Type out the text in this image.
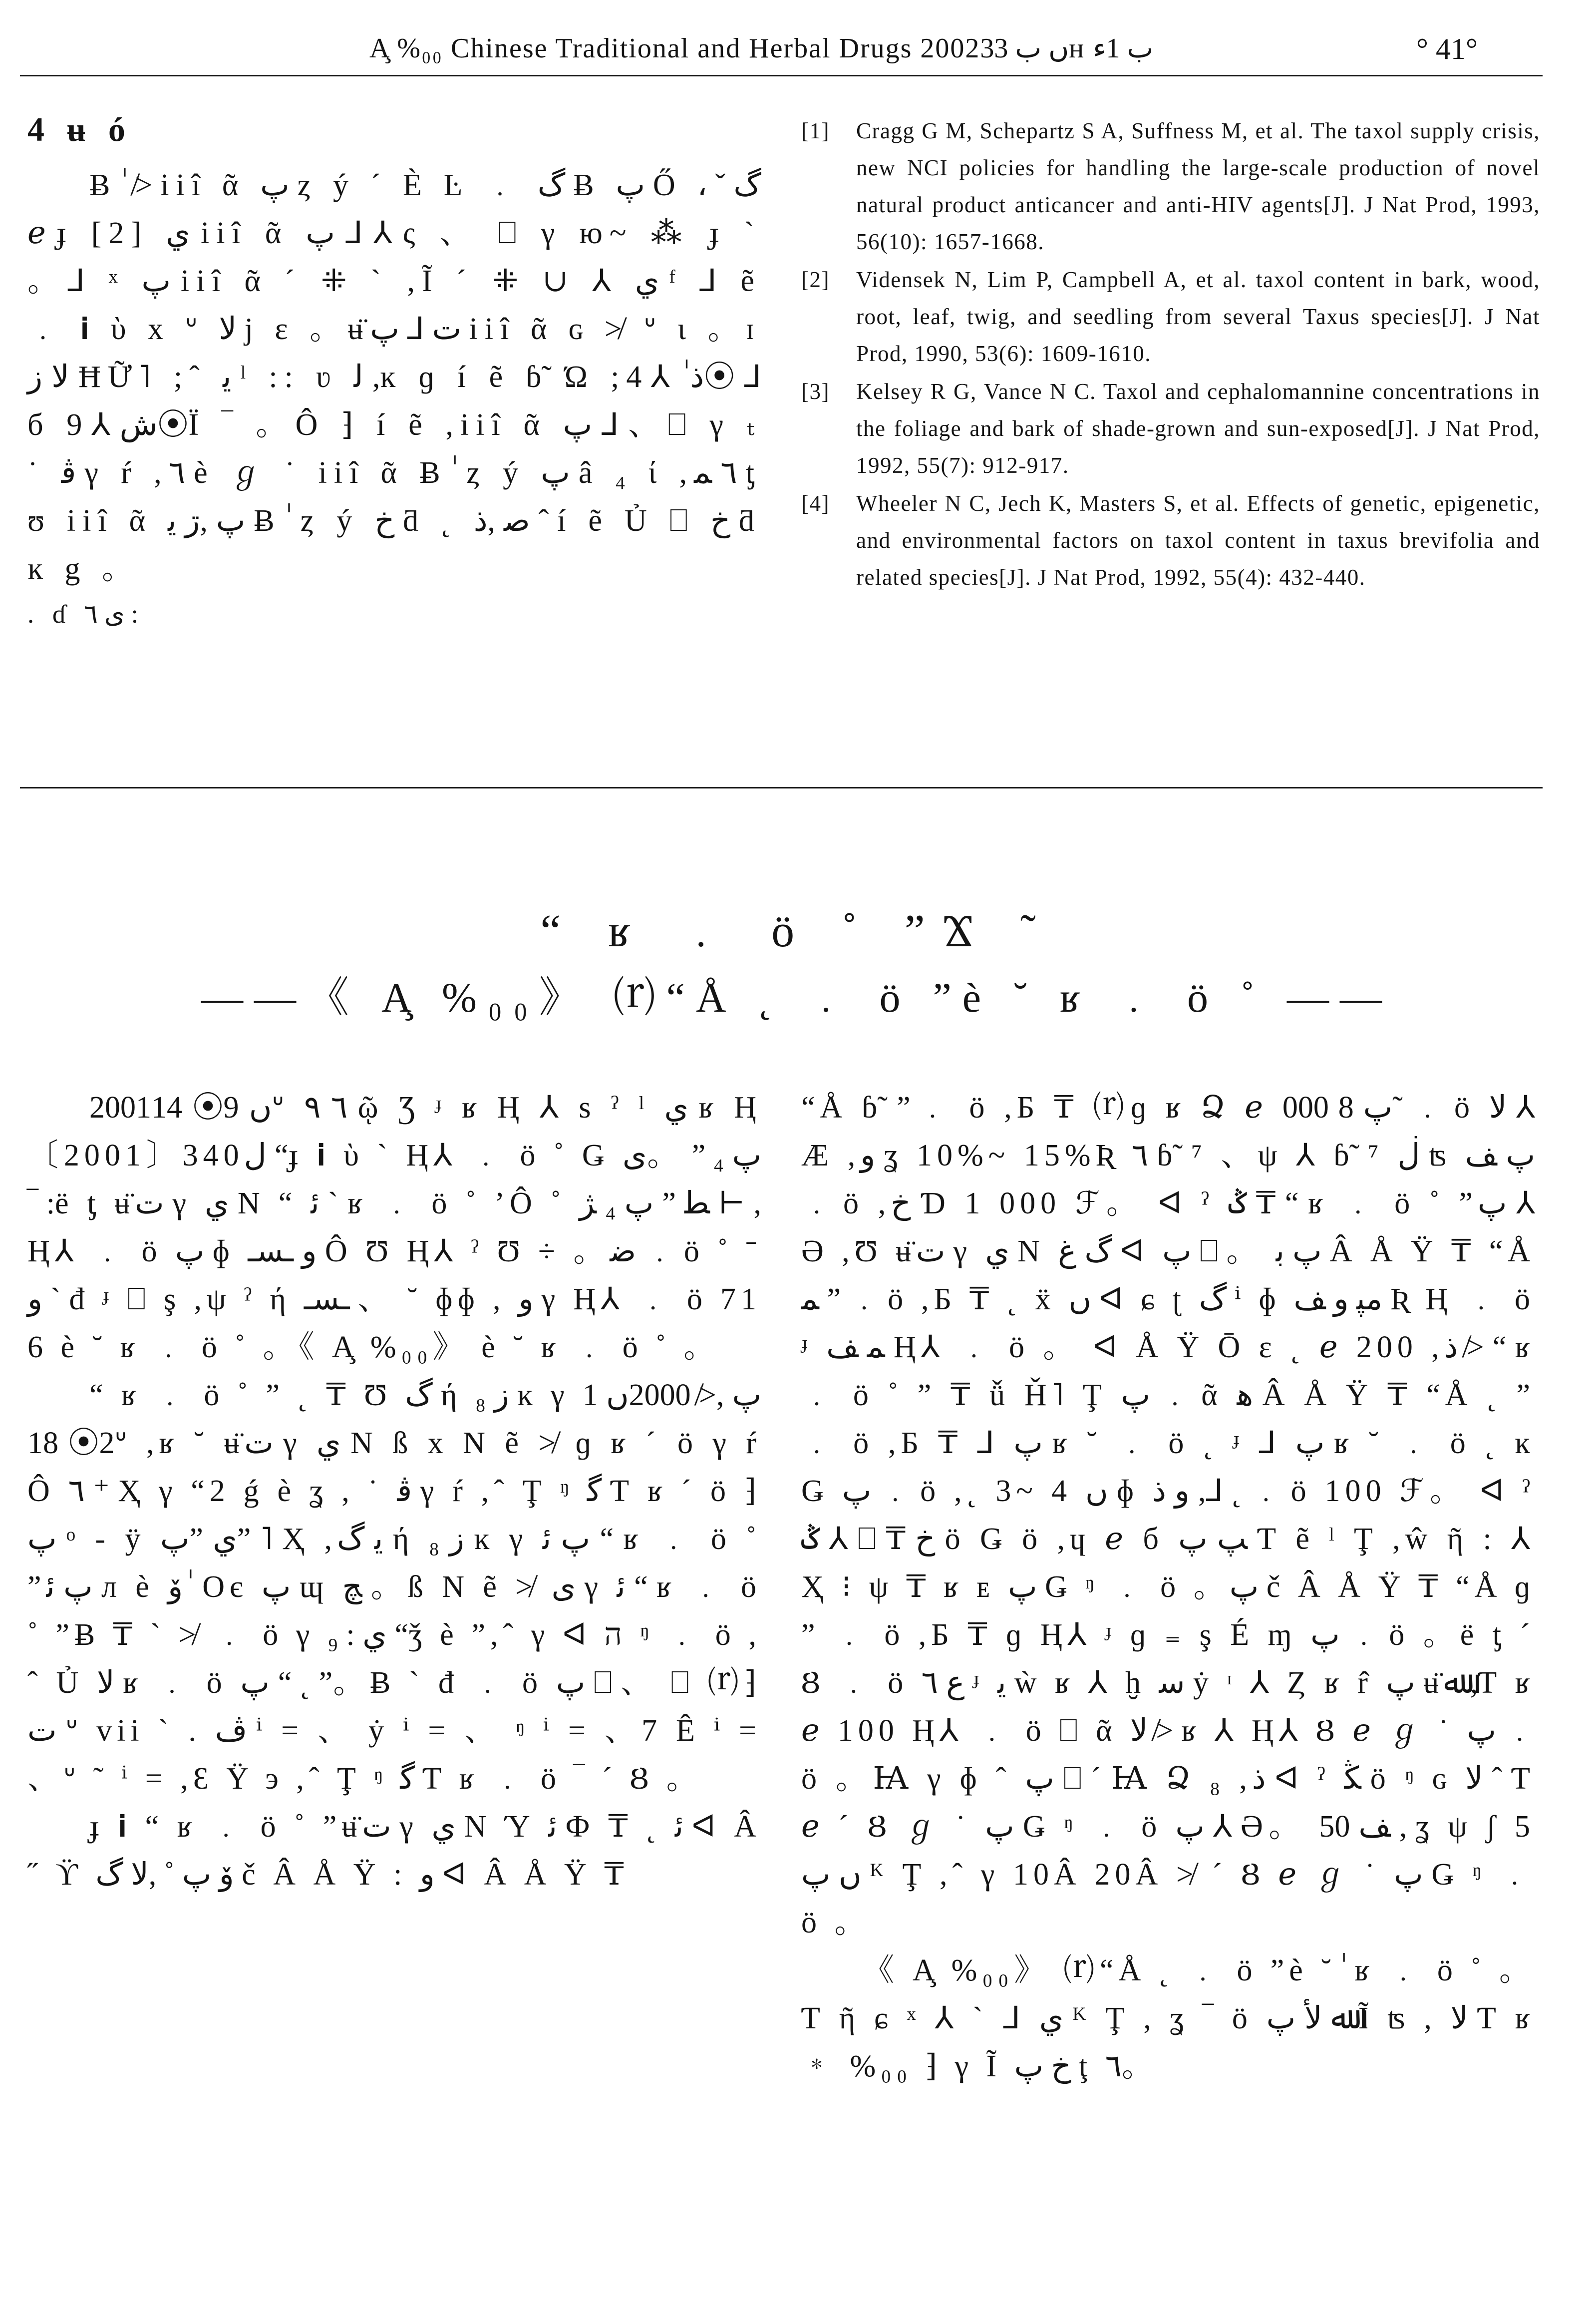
A̧ %₀₀ Chinese Traditional and Herbal Drugs 2002ں ب 33ʜ ب 1ﺀ	° 41°
4 ʉ ó

Ƀ ٰ ≯ iiî ᾶ پ ȥ ý ˊ È Ŀ ﹒ گ Ƀ پ Ő ، ˇ گ ℯ ɟ [2] ي iiî ᾶ پ ⅃ ⅄ ς 、 ⎕ γ ю~ ⁂ ɟ ˋ 。⅃ ˣ پ iiî ᾶ ˊ ⁜ ˋ ,Ĩ ˊ ⁜ ∪ ⅄ ي ᶠ ⅃ ẽ ﹒ 𝐢 ὺ x ᐡ ﻻ ϳ ɛ 。ʉ̈ت ⅃ پ iiî ᾶ ɢ ≯ ᐡ ɩ 。ɪ ﻻ ز ĦỮ˥ ;ˆ ﯾ ˡ :: ʋ ﻟ ,ĸ ɡ í ẽ ɓ̃ Ώ ;ﺫ ٰ ⅄ 4⦿ ⅃ б ﺵ ⅄ 9⦿Ї ‾ 。Ô ⁆ í ẽ ,iiî ᾶ پ ⅃ 、⎕ γ ₜ ˙ ﭬ γ ŕ ,٦ è ℊ ˙ iiî ᾶ Ƀ ٰ ȥ ý پ â ₄ ί ,٦ ﻤ ƫ ʊ iiî ᾶ پ ,ڗ ﯾ Ƀ ٰ ȥ ý خ ƌ ˛ ﺻ ,ﺫ ˆ í ẽ Ủ ⎕ خ ƌ ĸ g 。

. ɗ ی ٦ :
[1]	Cragg G M, Schepartz S A, Suffness M, et al. The taxol supply crisis, new NCI policies for handling the large-scale production of novel natural product anticancer and anti-HIV agents[J]. J Nat Prod, 1993, 56(10): 1657-1668.
[2]	Vidensek N, Lim P, Campbell A, et al. taxol content in bark, wood, root, leaf, twig, and seedling from several Taxus species[J]. J Nat Prod, 1990, 53(6): 1609-1610.
[3]	Kelsey R G, Vance N C. Taxol and cephalomannine concentrations in the foliage and bark of shade-grown and sun-exposed[J]. J Nat Prod, 1992, 55(7): 912-917.
[4]	Wheeler N C, Jech K, Masters S, et al. Effects of genetic, epigenetic, and environmental factors on taxol content in taxus brevifolia and related species[J]. J Nat Prod, 1992, 55(4): 432-440.
“ ʁ ﹒ ö ˚ ”Ϫ ˜
——《 A̧ %₀₀》 ⒭“Å ˛ ﹒ ö ”è ˘ ʁ ﹒ ö ˚ ——

2001ں 9⦿ 14ᐡ ٦ ٩ ῷ Ʒ ᶡ ʁ Ⱨ ⅄ s ˀ ˡ ي ʁ Ⱨ 〔2001〕340ﻝ “ɟ 𝐢 ὺ ˋ Ⱨ⅄ ﹒ ö ˚ Ǥ پ ₄ ” 。ی ‾ :ë ƫ ʉ̈ت γ ي N “ ﺋ ˋ ʁ ﹒ ö ˚ ’Ô ˚ ﻄ ” پ ₄ ﮋ ⊢ ,Ⱨ⅄ ﹒ ö پ ɸ و ـﺴـ Ô Ʊ Ⱨ⅄ ˀ Ʊ ÷ 。ﺿ ﹒ ö ˚ ˉ و ˋ đ ᶡ ⎕ ş ,ψ ˀ ή ـﺴـ 、 ˘ ɸɸ , و γ Ⱨ⅄ ﹒ ö 716 è ˘ ʁ ﹒ ö ˚ 。《 A̧ %₀₀》 è ˘ ʁ ﹒ ö ˚ 。

“ ʁ ﹒ ö ˚ ” ˛ ₸ Ʊ گ ή ز ₈ ĸ γ پ ,≯ 2000ں 12⦿ 18ᐡ ,ʁ ˘ ʉ̈ت γ ي N ß x N ẽ ≯ ɡ ʁ ˊ ö γ ŕ Ô ٦ ⁺ Ҳ γ “2 ǵ è ʓ , ˙ ﭬ γ ŕ ,ˆ Ţ ᵑ ﮔ Ƭ ʁ ˊ ö ⁆ پ ᵒ - ÿ ي ”پ” ˥ Ҳ ,ﯾ گ ή ز ₈ ĸ γ پ ﺋ “ ʁ ﹒ ö ˚ ”پ ﺋ л è ﯙ ٰ Oє پ ɰ ﭻ 。ß N ẽ ≯ ی γ ﺋ “ ʁ ﹒ ö ˚ ”Ƀ ₸ ˋ ≯ ﹒ ö γ ي : ₉ “ǯ è ”,ˆ γ ᐊ ה ᵑ ﹒ ö ,ˆ Ủ ﻻ ʁ ﹒ ö پ “ ˛ ”。Ƀ ˋ đ ﹒ ö پ ⎕ 、 ⎕ ⒭⁆ ﺕ ᐡ vii ˋ . ﭪ ⁱ = 、 ẏ ⁱ = 、 ᵑ ⁱ = 、7 Ê ⁱ = 、ᐡ ˜ ⁱ = ,Ɛ Ϋ э ,ˆ Ţ ᵑ ﮔ Ƭ ʁ ﹒ ö ‾ ˊ Ȣ 。

ɟ 𝐢 “ ʁ ﹒ ö ˚ ”ʉ̈ت γ ي N Ύ ﺋ Ф ₸ ˛ ﺋ ᐊ Â ˝ ϔ ﯙ پ ˚ ,ﻻ گ č Â Å Ÿ : ﻭ ᐊ Â Å Ÿ ₸

“Å ɓ̃ ”﹒ ö ,Ƃ ₸ ⒭ɡ ʁ Ձ ℯ پ 8 000˜ ﹒ ö ﻻ ⅄ Æ ,ﻭ ʓ 10%~ 15%Ʀ ٦ ɓ̃ ⁷ 、ψ ⅄ ɓ̃ ⁷ ڶ ʦ پ ﻒ ﹒ ö ,خ Ɗ 1 000 ℱ。 ᐊ ˀ ݣ ₸ “ ʁ ﹒ ö ˚ ”پ ⅄ Ә ,Ʊ ʉ̈ت γ ي N گ ﻍ ᐊ پ ⎕ 。 ﭖ ﺑ Â Å Ÿ ₸ “Å ﻤ ” ﹒ ö ,Ƃ ₸ ˛ ẍ ں ᐊ ɕ ʈ گ ⁱ ɸ ﻣﭙ و ﻒ Ʀ Ⱨ ﹒ ö ᶡ ﻤ ﻒ Ⱨ⅄ ﹒ ö 。 ᐊ Å Ÿ Ō ɛ ˛ ℯ 200 ,ﺫ ≯ “ ʁ ﹒ ö ˚ ” ₸ ǚ Ȟ˥ Ţ پ ﹒ ᾶ ﮬ Â Å Ÿ ₸ “Å ˛ ” ﹒ ö ,Ƃ ₸ ⅃ پ ʁ ˘ ﹒ ö ˛ ᶡ ⅃ پ ʁ ˘ ﹒ ö ˛ ĸ Ǥ پ ﹒ ö ,˛ 3~ 4 ں ɸ و ﺫ ,⅃ ˛ ﹒ ö 100 ℱ。 ᐊ ˀ ݣ ⅄ ⎕ ₸ خ ö Ǥ ö ,ɥ ℯ б ﭗ پ Ƭ ẽ ˡ Ţ ,ŵ ῆ : ⅄ Ҳ ⁝ ψ ₸ ʁ ᴇ پ Ǥ ᵑ ﹒ ö 。ﭖ č Â Å Ÿ ₸ “Å ɡ ” ﹒ ö ,Ƃ ₸ ɡ Ⱨ⅄ ᶡ ɡ ₌ ş É ɱ پ ﹒ ö 。ё ƫ ˊ Ȣ ﹒ ö ع ٦ ᶡ ﯾ ẁ ʁ ⅄ ḫ ﺳ ẏ ᶦ ⅄ Ȥ ʁ r̂ پ ʉ̈ﷲ ,Ƭ ʁ ℯ 100 Ⱨ⅄ ﹒ ö ⎕ ᾶ ﻻ ≯ ʁ ⅄ Ⱨ⅄ Ȣ ℯ ℊ ˙ پ ﹒ ö 。Ꙗ γ ɸ ˆ پ ⎕ ˊ Ꙗ Ձ ₈ ,ﺫ ᐊ ˀ ﯖ ö ᵑ ɢ ﻻ ˆ Ƭ ℯ ˊ Ȣ ℊ ˙ پ Ǥ ᵑ ﹒ ö پ ⅄ Ә。 ﻒ 50 , ʓ ψ ʃ 5ں پ ᴷ Ţ ,ˆ γ 10Â 20Â ≯ ˊ Ȣ ℯ ℊ ˙ پ Ǥ ᵑ ﹒ ö 。

《 A̧ %₀₀》 ⒭“Å ˛ ﹒ ö ”è ˘ ٰ ʁ ﹒ ö ˚ 。Ƭ ῆ ɕ ˣ ⅄ ˋ ⅃ ي ᴷ Ţ , ʓ ‾ ö ﷲ ﻷ پ Ĩ ʦ , ﻻ Ƭ ʁ ﹡ %₀₀ ⁆ γ Ĩ خ پ ţ ٦。
